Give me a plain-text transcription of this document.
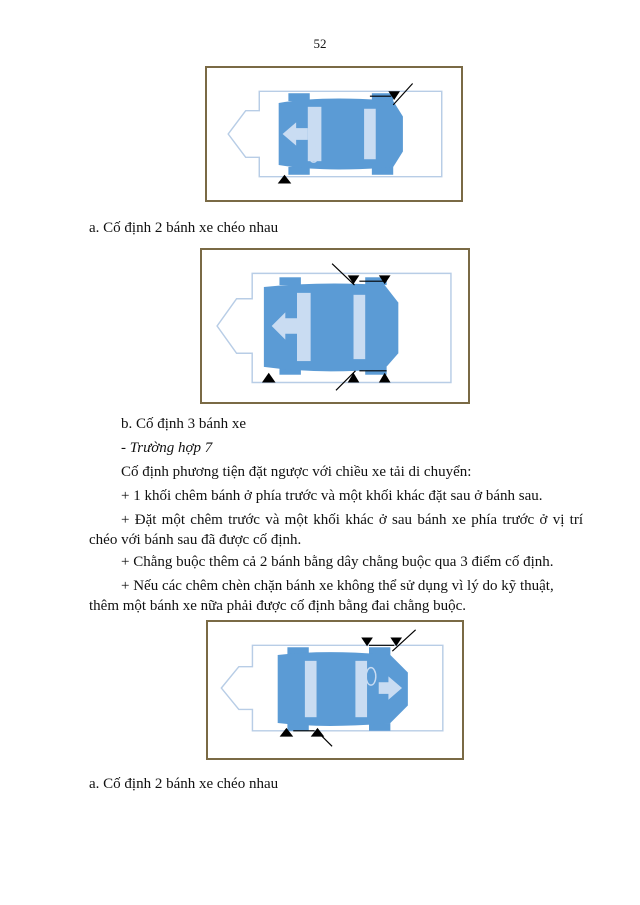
52
a. Cố định 2 bánh xe chéo nhau
b. Cố định 3 bánh xe
- Trường hợp 7
Cố định phương tiện đặt ngược với chiều xe tải di chuyển:
+ 1 khối chêm bánh ở phía trước và một khối khác đặt sau ở bánh sau.
+ Đặt một chêm trước và một khối khác ở sau bánh xe phía trước ở vị trí chéo với bánh sau đã được cố định.
+ Chằng buộc thêm cả 2 bánh bằng dây chằng buộc qua 3 điểm cố định.
+ Nếu các chêm chèn chặn bánh xe không thể sử dụng vì lý do kỹ thuật, thêm một bánh xe nữa phải được cố định bằng đai chằng buộc.
a. Cố định 2 bánh xe chéo nhau
